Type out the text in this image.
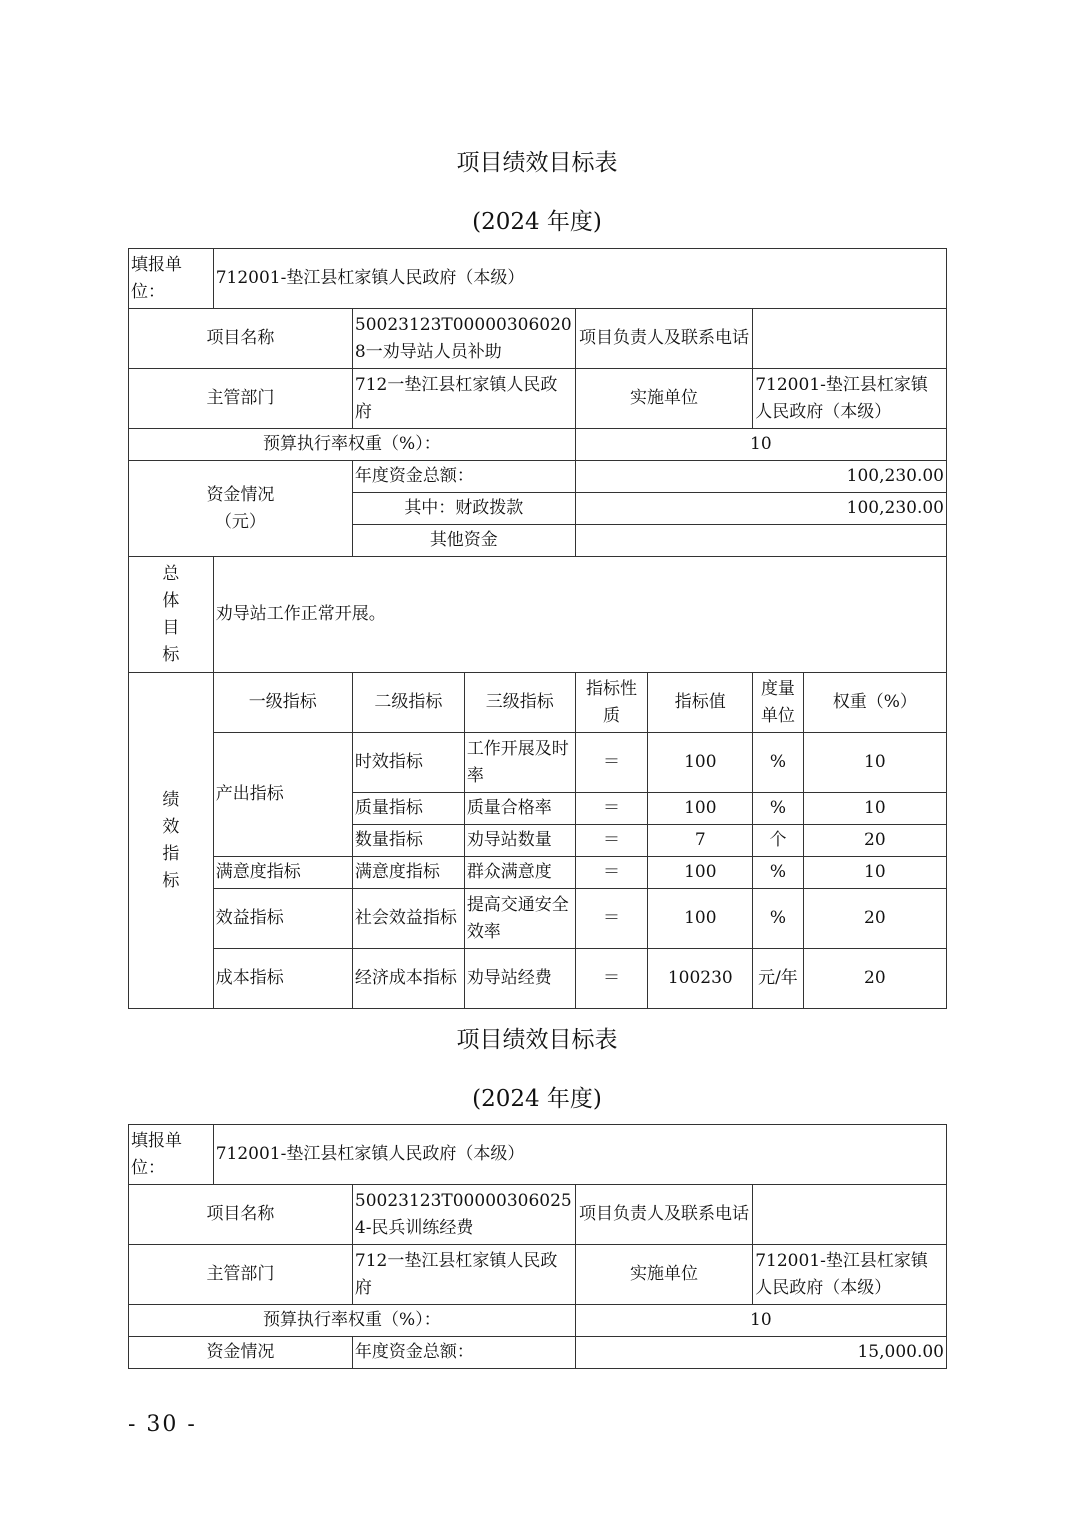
项目绩效目标表
(2024 年度)
填报单位：	712001-垫江县杠家镇人民政府（本级）						
项目名称		50023123T000003060208一劝导站人员补助		项目负责人及联系电话			
主管部门		712一垫江县杠家镇人民政府		实施单位		712001-垫江县杠家镇人民政府（本级）	
预算执行率权重（%）：				10			
资金情况（元）		年度资金总额：		100,230.00			
		其中：财政拨款		100,230.00			
		其他资金					
总体目标	劝导站工作正常开展。						
绩效指标	一级指标	二级指标	三级指标	指标性质	指标值	度量单位	权重（%）
	产出指标	时效指标	工作开展及时率	＝	100	%	10
		质量指标	质量合格率	＝	100	%	10
		数量指标	劝导站数量	＝	7	个	20
	满意度指标	满意度指标	群众满意度	＝	100	%	10
	效益指标	社会效益指标	提高交通安全效率	＝	100	%	20
	成本指标	经济成本指标	劝导站经费	＝	100230	元/年	20
项目绩效目标表
(2024 年度)
填报单位：	712001-垫江县杠家镇人民政府（本级）			
项目名称		50023123T000003060254-民兵训练经费	项目负责人及联系电话	
主管部门		712一垫江县杠家镇人民政府	实施单位	712001-垫江县杠家镇人民政府（本级）
预算执行率权重（%）：			10	
资金情况		年度资金总额：	15,000.00	
- 30 -
